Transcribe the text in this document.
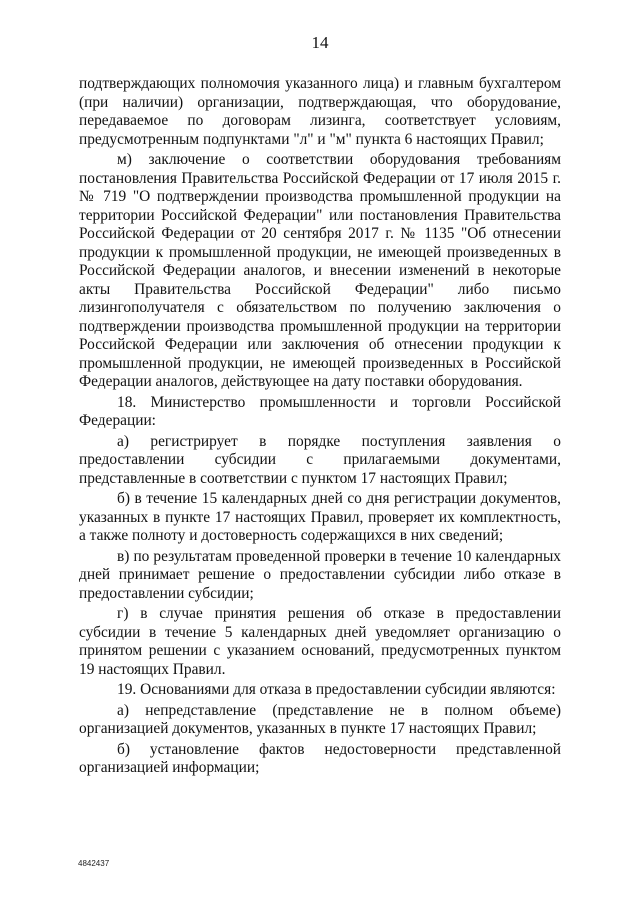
14

подтверждающих полномочия указанного лица) и главным бухгалтером (при наличии) организации, подтверждающая, что оборудование, передаваемое по договорам лизинга, соответствует условиям, предусмотренным подпунктами "л" и "м" пункта 6 настоящих Правил;

м) заключение о соответствии оборудования требованиям постановления Правительства Российской Федерации от 17 июля 2015 г. № 719 "О подтверждении производства промышленной продукции на территории Российской Федерации" или постановления Правительства Российской Федерации от 20 сентября 2017 г. № 1135 "Об отнесении продукции к промышленной продукции, не имеющей произведенных в Российской Федерации аналогов, и внесении изменений в некоторые акты Правительства Российской Федерации" либо письмо лизингополучателя с обязательством по получению заключения о подтверждении производства промышленной продукции на территории Российской Федерации или заключения об отнесении продукции к промышленной продукции, не имеющей произведенных в Российской Федерации аналогов, действующее на дату поставки оборудования.

18. Министерство промышленности и торговли Российской Федерации:

а) регистрирует в порядке поступления заявления о предоставлении субсидии с прилагаемыми документами, представленные в соответствии с пунктом 17 настоящих Правил;

б) в течение 15 календарных дней со дня регистрации документов, указанных в пункте 17 настоящих Правил, проверяет их комплектность, а также полноту и достоверность содержащихся в них сведений;

в) по результатам проведенной проверки в течение 10 календарных дней принимает решение о предоставлении субсидии либо отказе в предоставлении субсидии;

г) в случае принятия решения об отказе в предоставлении субсидии в течение 5 календарных дней уведомляет организацию о принятом решении с указанием оснований, предусмотренных пунктом 19 настоящих Правил.

19. Основаниями для отказа в предоставлении субсидии являются:

а) непредставление (представление не в полном объеме) организацией документов, указанных в пункте 17 настоящих Правил;

б) установление фактов недостоверности представленной организацией информации;

4842437
